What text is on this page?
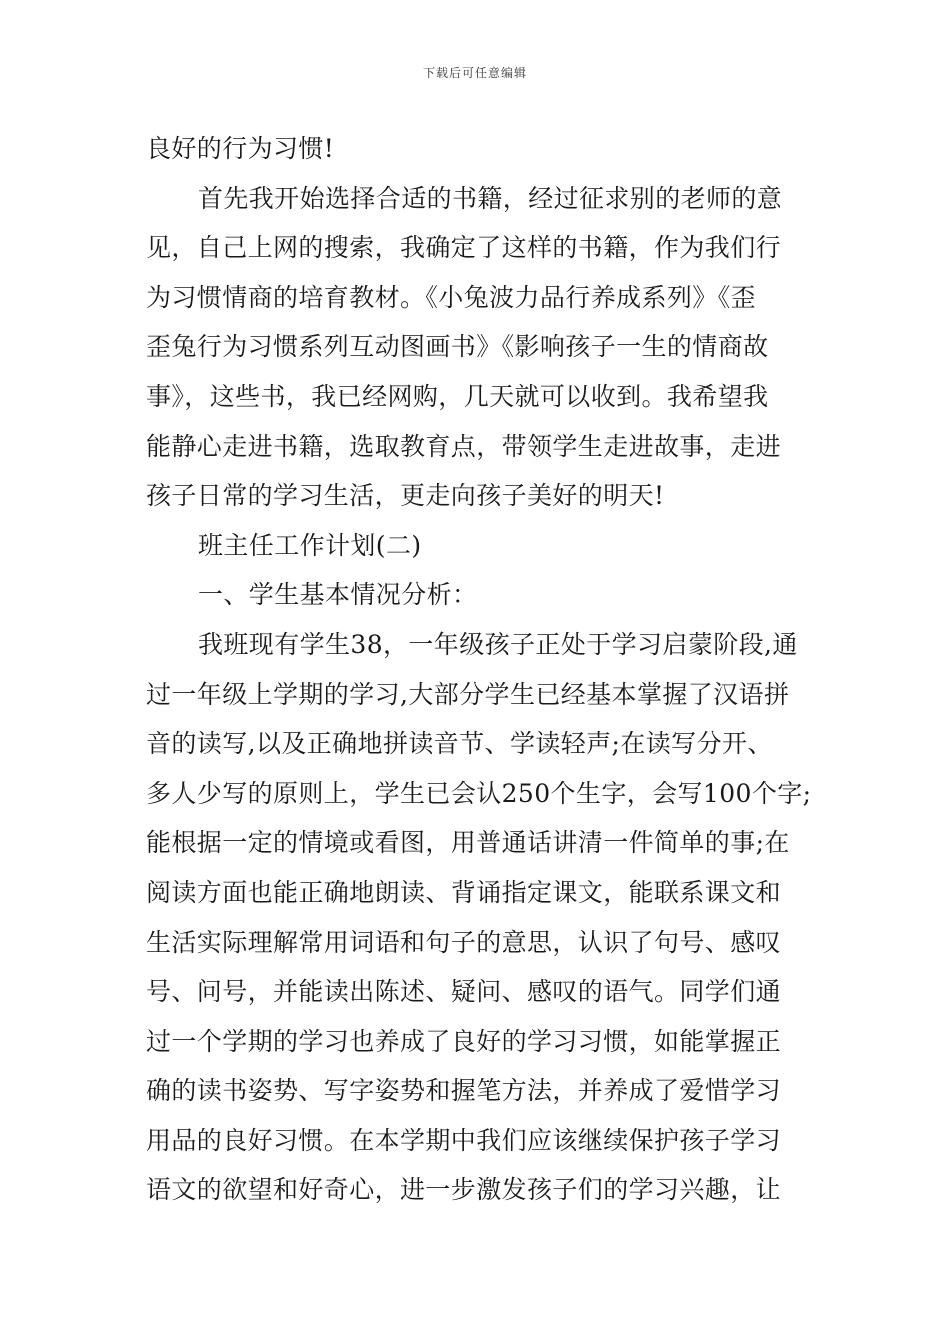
下载后可任意编辑
良好的行为习惯!
首先我开始选择合适的书籍，经过征求别的老师的意
见，自己上网的搜索，我确定了这样的书籍，作为我们行
为习惯情商的培育教材。《小兔波力品行养成系列》《歪
歪兔行为习惯系列互动图画书》《影响孩子一生的情商故
事》，这些书，我已经网购，几天就可以收到。我希望我
能静心走进书籍，选取教育点，带领学生走进故事，走进
孩子日常的学习生活，更走向孩子美好的明天!
班主任工作计划(二)
一、学生基本情况分析：
我班现有学生38，一年级孩子正处于学习启蒙阶段,通
过一年级上学期的学习,大部分学生已经基本掌握了汉语拼
音的读写,以及正确地拼读音节、学读轻声;在读写分开、
多人少写的原则上，学生已会认250个生字，会写100个字;
能根据一定的情境或看图，用普通话讲清一件简单的事;在
阅读方面也能正确地朗读、背诵指定课文，能联系课文和
生活实际理解常用词语和句子的意思，认识了句号、感叹
号、问号，并能读出陈述、疑问、感叹的语气。同学们通
过一个学期的学习也养成了良好的学习习惯，如能掌握正
确的读书姿势、写字姿势和握笔方法，并养成了爱惜学习
用品的良好习惯。在本学期中我们应该继续保护孩子学习
语文的欲望和好奇心，进一步激发孩子们的学习兴趣，让
